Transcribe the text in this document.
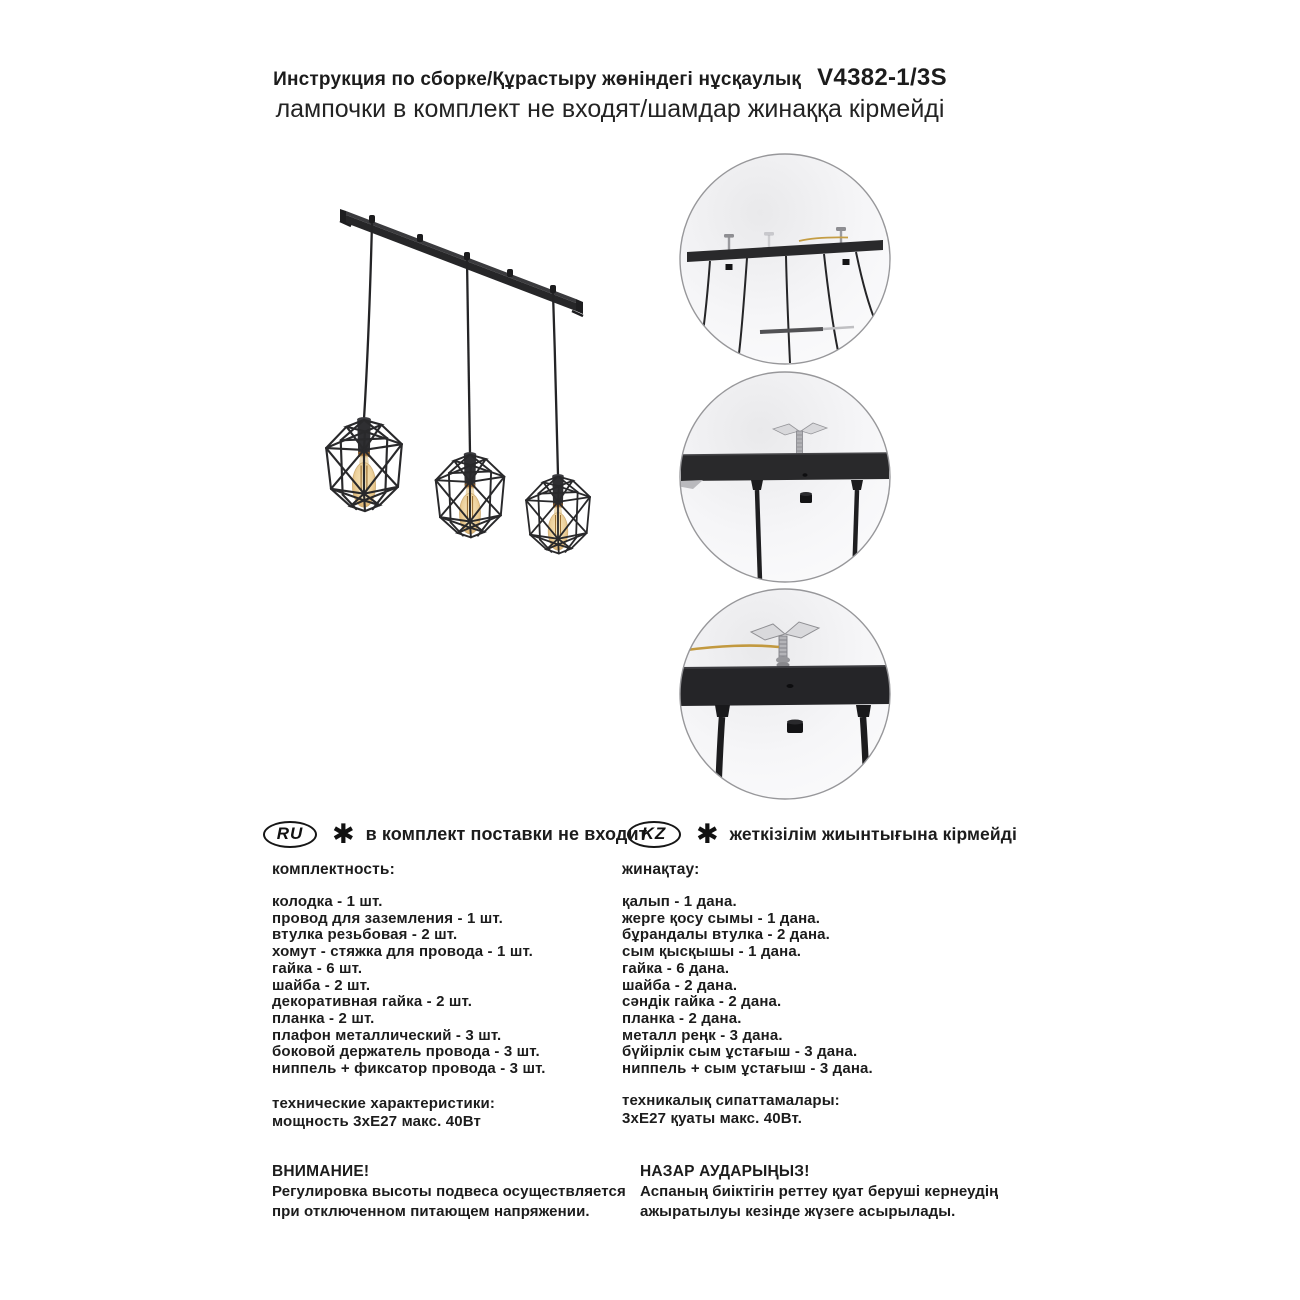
Инструкция по сборке/Құрастыру жөніндегі нұсқаулық V4382-1/3S
лампочки в комплект не входят/шамдар жинаққа кірмейді
RU	✱ в комплект поставки не входит
комплектность:
колодка - 1 шт.
провод для заземления - 1 шт.
втулка резьбовая - 2 шт.
хомут - стяжка для провода - 1 шт.
гайка - 6 шт.
шайба - 2 шт.
декоративная гайка - 2 шт.
планка - 2 шт.
плафон металлический - 3 шт.
боковой держатель провода - 3 шт.
ниппель + фиксатор провода - 3 шт.
технические характеристики:
мощность 3хЕ27 макс. 40Вт
ВНИМАНИЕ!
Регулировка высоты подвеса осуществляется
при отключенном питающем напряжении.
KZ	✱ жеткізілім жиынтығына кірмейді
жинақтау:
қалып - 1 дана.
жерге қосу сымы - 1 дана.
бұрандалы втулка - 2 дана.
сым қысқышы - 1 дана.
гайка - 6 дана.
шайба - 2 дана.
сәндік гайка - 2 дана.
планка - 2 дана.
металл реңк - 3 дана.
бүйірлік сым ұстағыш - 3 дана.
ниппель + сым ұстағыш - 3 дана.
техникалық сипаттамалары:
3хЕ27 қуаты макс. 40Вт.
НАЗАР АУДАРЫҢЫЗ!
Аспаның биіктігін реттеу қуат беруші кернеудің
ажыратылуы кезінде жүзеге асырылады.
